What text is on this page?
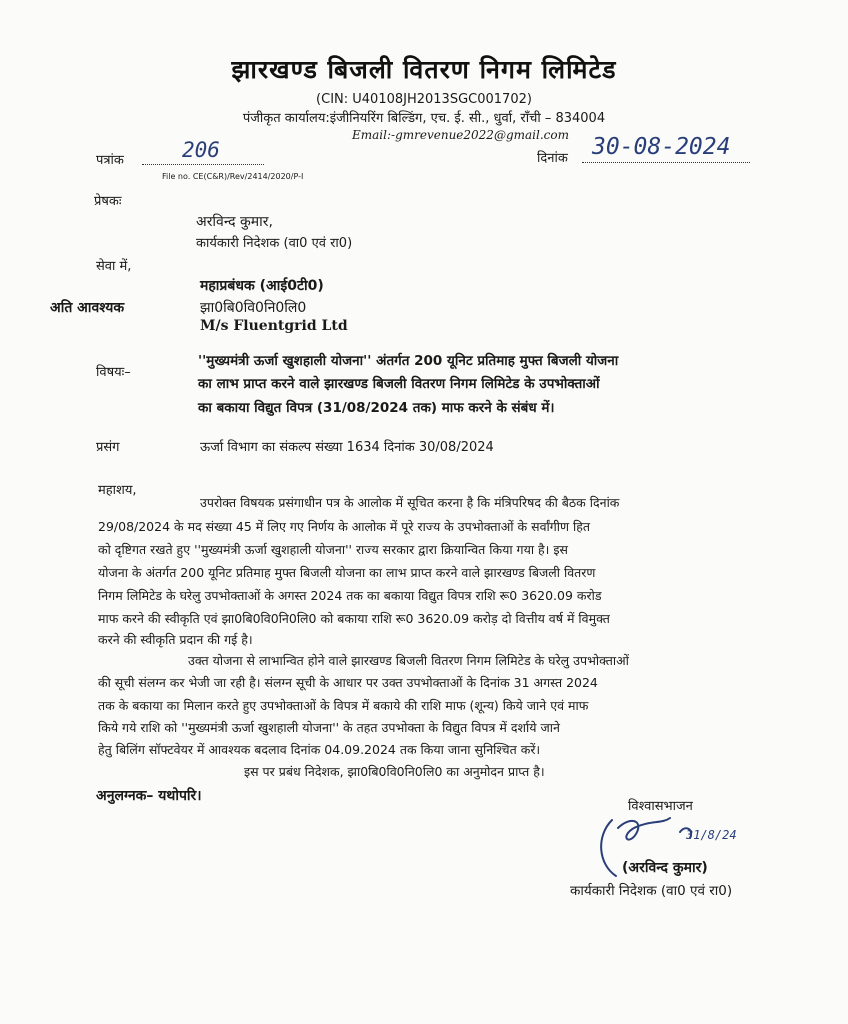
झारखण्ड बिजली वितरण निगम लिमिटेड
(CIN: U40108JH2013SGC001702)
पंजीकृत कार्यालय:इंजीनियरिंग बिल्डिंग, एच. ई. सी., धुर्वा, राँची – 834004
Email:-gmrevenue2022@gmail.com
पत्रांक	206
File no. CE(C&R)/Rev/2414/2020/P-I
दिनांक 30-08-2024
प्रेषकः
अरविन्द कुमार,
कार्यकारी निदेशक (वा0 एवं रा0)
सेवा में,
महाप्रबंधक (आई0टी0)
अति आवश्यक	झा0बि0वि0नि0लि0
M/s Fluentgrid Ltd
विषयः–
''मुख्यमंत्री ऊर्जा खुशहाली योजना'' अंतर्गत 200 यूनिट प्रतिमाह मुफ्त बिजली योजना
का लाभ प्राप्त करने वाले झारखण्ड बिजली वितरण निगम लिमिटेड के उपभोक्ताओं
का बकाया विद्युत विपत्र (31/08/2024 तक) माफ करने के संबंध में।
प्रसंग	ऊर्जा विभाग का संकल्प संख्या 1634 दिनांक 30/08/2024
महाशय,
उपरोक्त विषयक प्रसंगाधीन पत्र के आलोक में सूचित करना है कि मंत्रिपरिषद की बैठक दिनांक
29/08/2024 के मद संख्या 45 में लिए गए निर्णय के आलोक में पूरे राज्य के उपभोक्ताओं के सर्वांगीण हित
को दृष्टिगत रखते हुए ''मुख्यमंत्री ऊर्जा खुशहाली योजना'' राज्य सरकार द्वारा क्रियान्वित किया गया है। इस
योजना के अंतर्गत 200 यूनिट प्रतिमाह मुफ्त बिजली योजना का लाभ प्राप्त करने वाले झारखण्ड बिजली वितरण
निगम लिमिटेड के घरेलु उपभोक्ताओं के अगस्त 2024 तक का बकाया विद्युत विपत्र राशि रू0 3620.09 करोड
माफ करने की स्वीकृति एवं झा0बि0वि0नि0लि0 को बकाया राशि रू0 3620.09 करोड़ दो वित्तीय वर्ष में विमुक्त
करने की स्वीकृति प्रदान की गई है।
उक्त योजना से लाभान्वित होने वाले झारखण्ड बिजली वितरण निगम लिमिटेड के घरेलु उपभोक्ताओं
की सूची संलग्न कर भेजी जा रही है। संलग्न सूची के आधार पर उक्त उपभोक्ताओं के दिनांक 31 अगस्त 2024
तक के बकाया का मिलान करते हुए उपभोक्ताओं के विपत्र में बकाये की राशि माफ (शून्य) किये जाने एवं माफ
किये गये राशि को ''मुख्यमंत्री ऊर्जा खुशहाली योजना'' के तहत उपभोक्ता के विद्युत विपत्र में दर्शाये जाने
हेतु बिलिंग सॉफ्टवेयर में आवश्यक बदलाव दिनांक 04.09.2024 तक किया जाना सुनिश्चित करें।
इस पर प्रबंध निदेशक, झा0बि0वि0नि0लि0 का अनुमोदन प्राप्त है।
अनुलग्नक– यथोपरि।
विश्वासभाजन
31/8/24
(अरविन्द कुमार)
कार्यकारी निदेशक (वा0 एवं रा0)
